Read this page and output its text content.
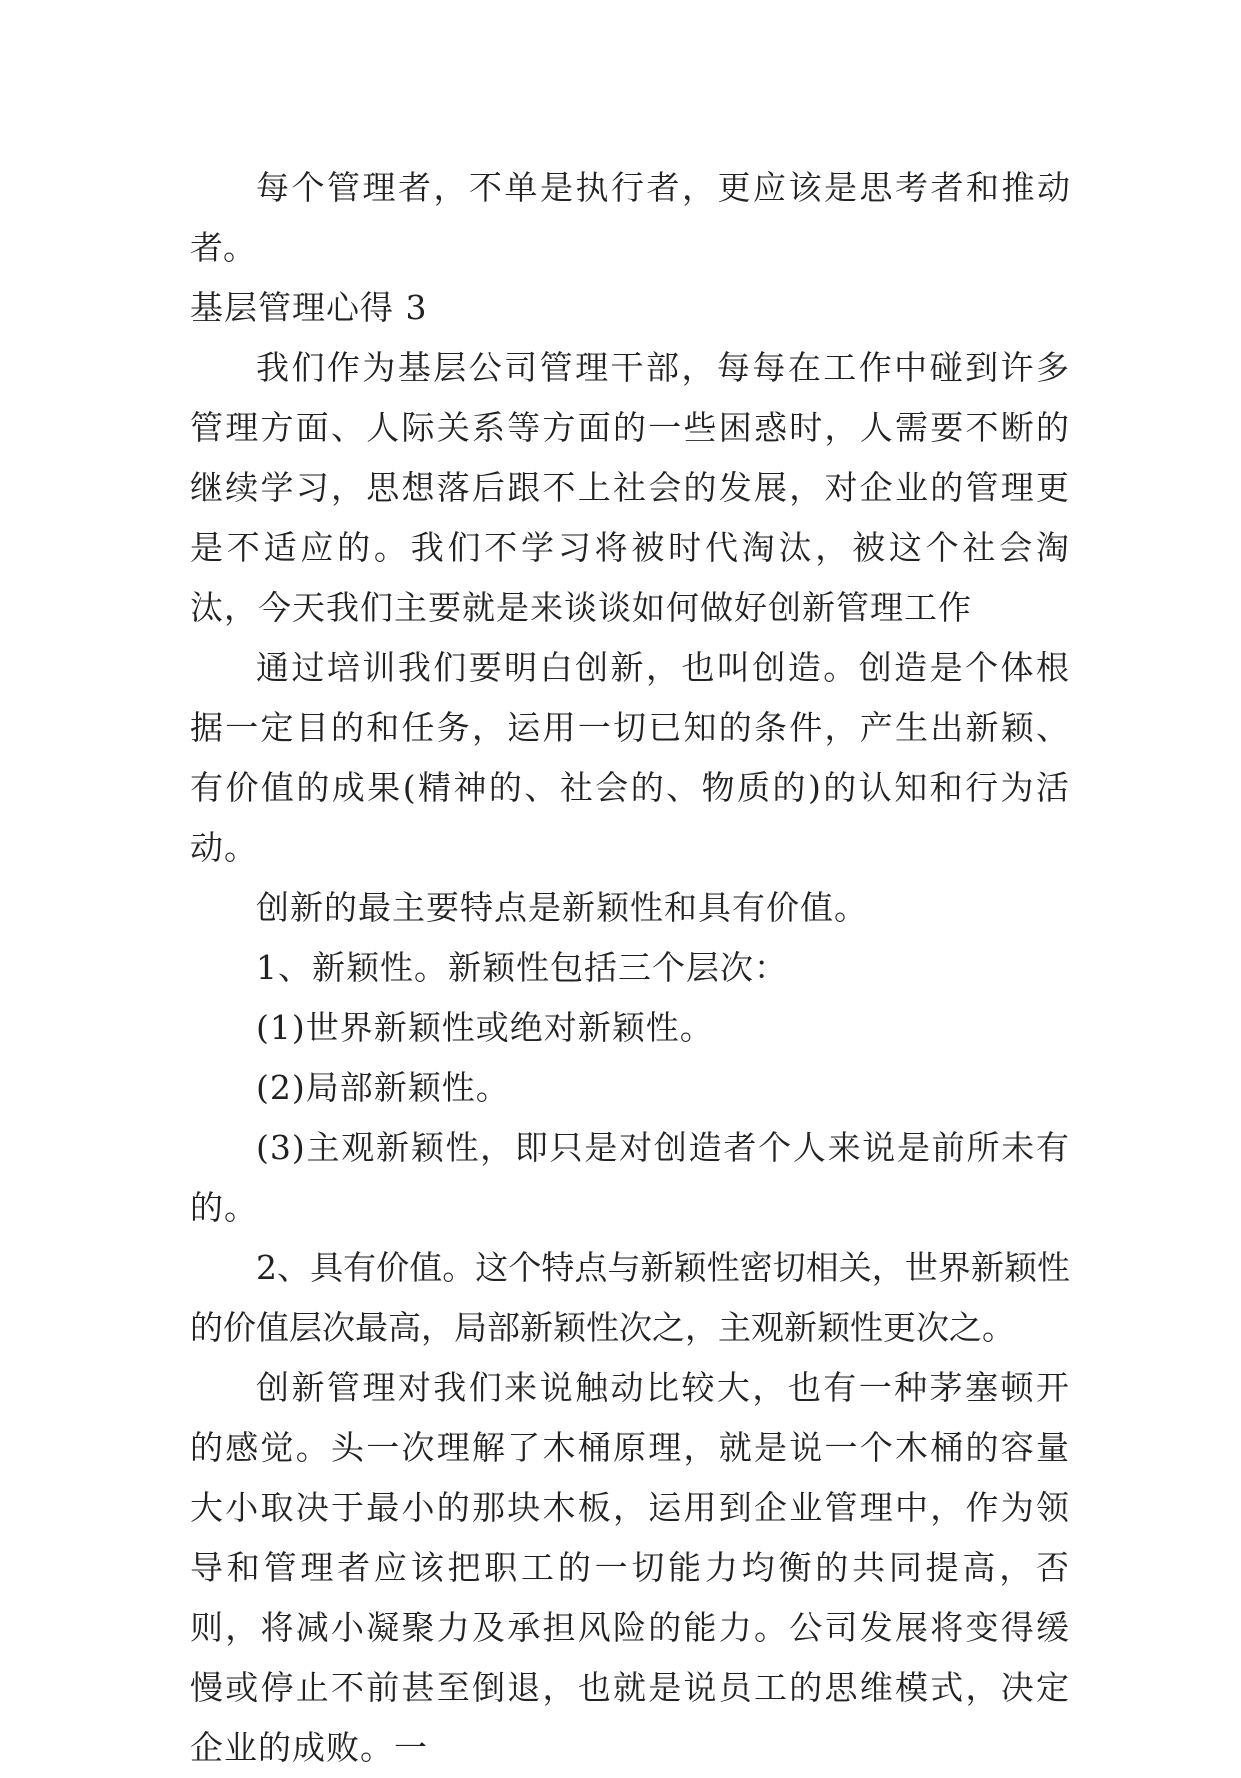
每个管理者，不单是执行者，更应该是思考者和推动者。

基层管理心得 3

我们作为基层公司管理干部，每每在工作中碰到许多管理方面、人际关系等方面的一些困惑时，人需要不断的继续学习，思想落后跟不上社会的发展，对企业的管理更是不适应的。我们不学习将被时代淘汰，被这个社会淘汰，今天我们主要就是来谈谈如何做好创新管理工作

通过培训我们要明白创新，也叫创造。创造是个体根据一定目的和任务，运用一切已知的条件，产生出新颖、有价值的成果(精神的、社会的、物质的)的认知和行为活动。

创新的最主要特点是新颖性和具有价值。

1、新颖性。新颖性包括三个层次：

(1)世界新颖性或绝对新颖性。

(2)局部新颖性。

(3)主观新颖性，即只是对创造者个人来说是前所未有的。

2、具有价值。这个特点与新颖性密切相关，世界新颖性的价值层次最高，局部新颖性次之，主观新颖性更次之。

创新管理对我们来说触动比较大，也有一种茅塞顿开的感觉。头一次理解了木桶原理，就是说一个木桶的容量大小取决于最小的那块木板，运用到企业管理中，作为领导和管理者应该把职工的一切能力均衡的共同提高，否则，将减小凝聚力及承担风险的能力。公司发展将变得缓慢或停止不前甚至倒退，也就是说员工的思维模式，决定企业的成败。一
